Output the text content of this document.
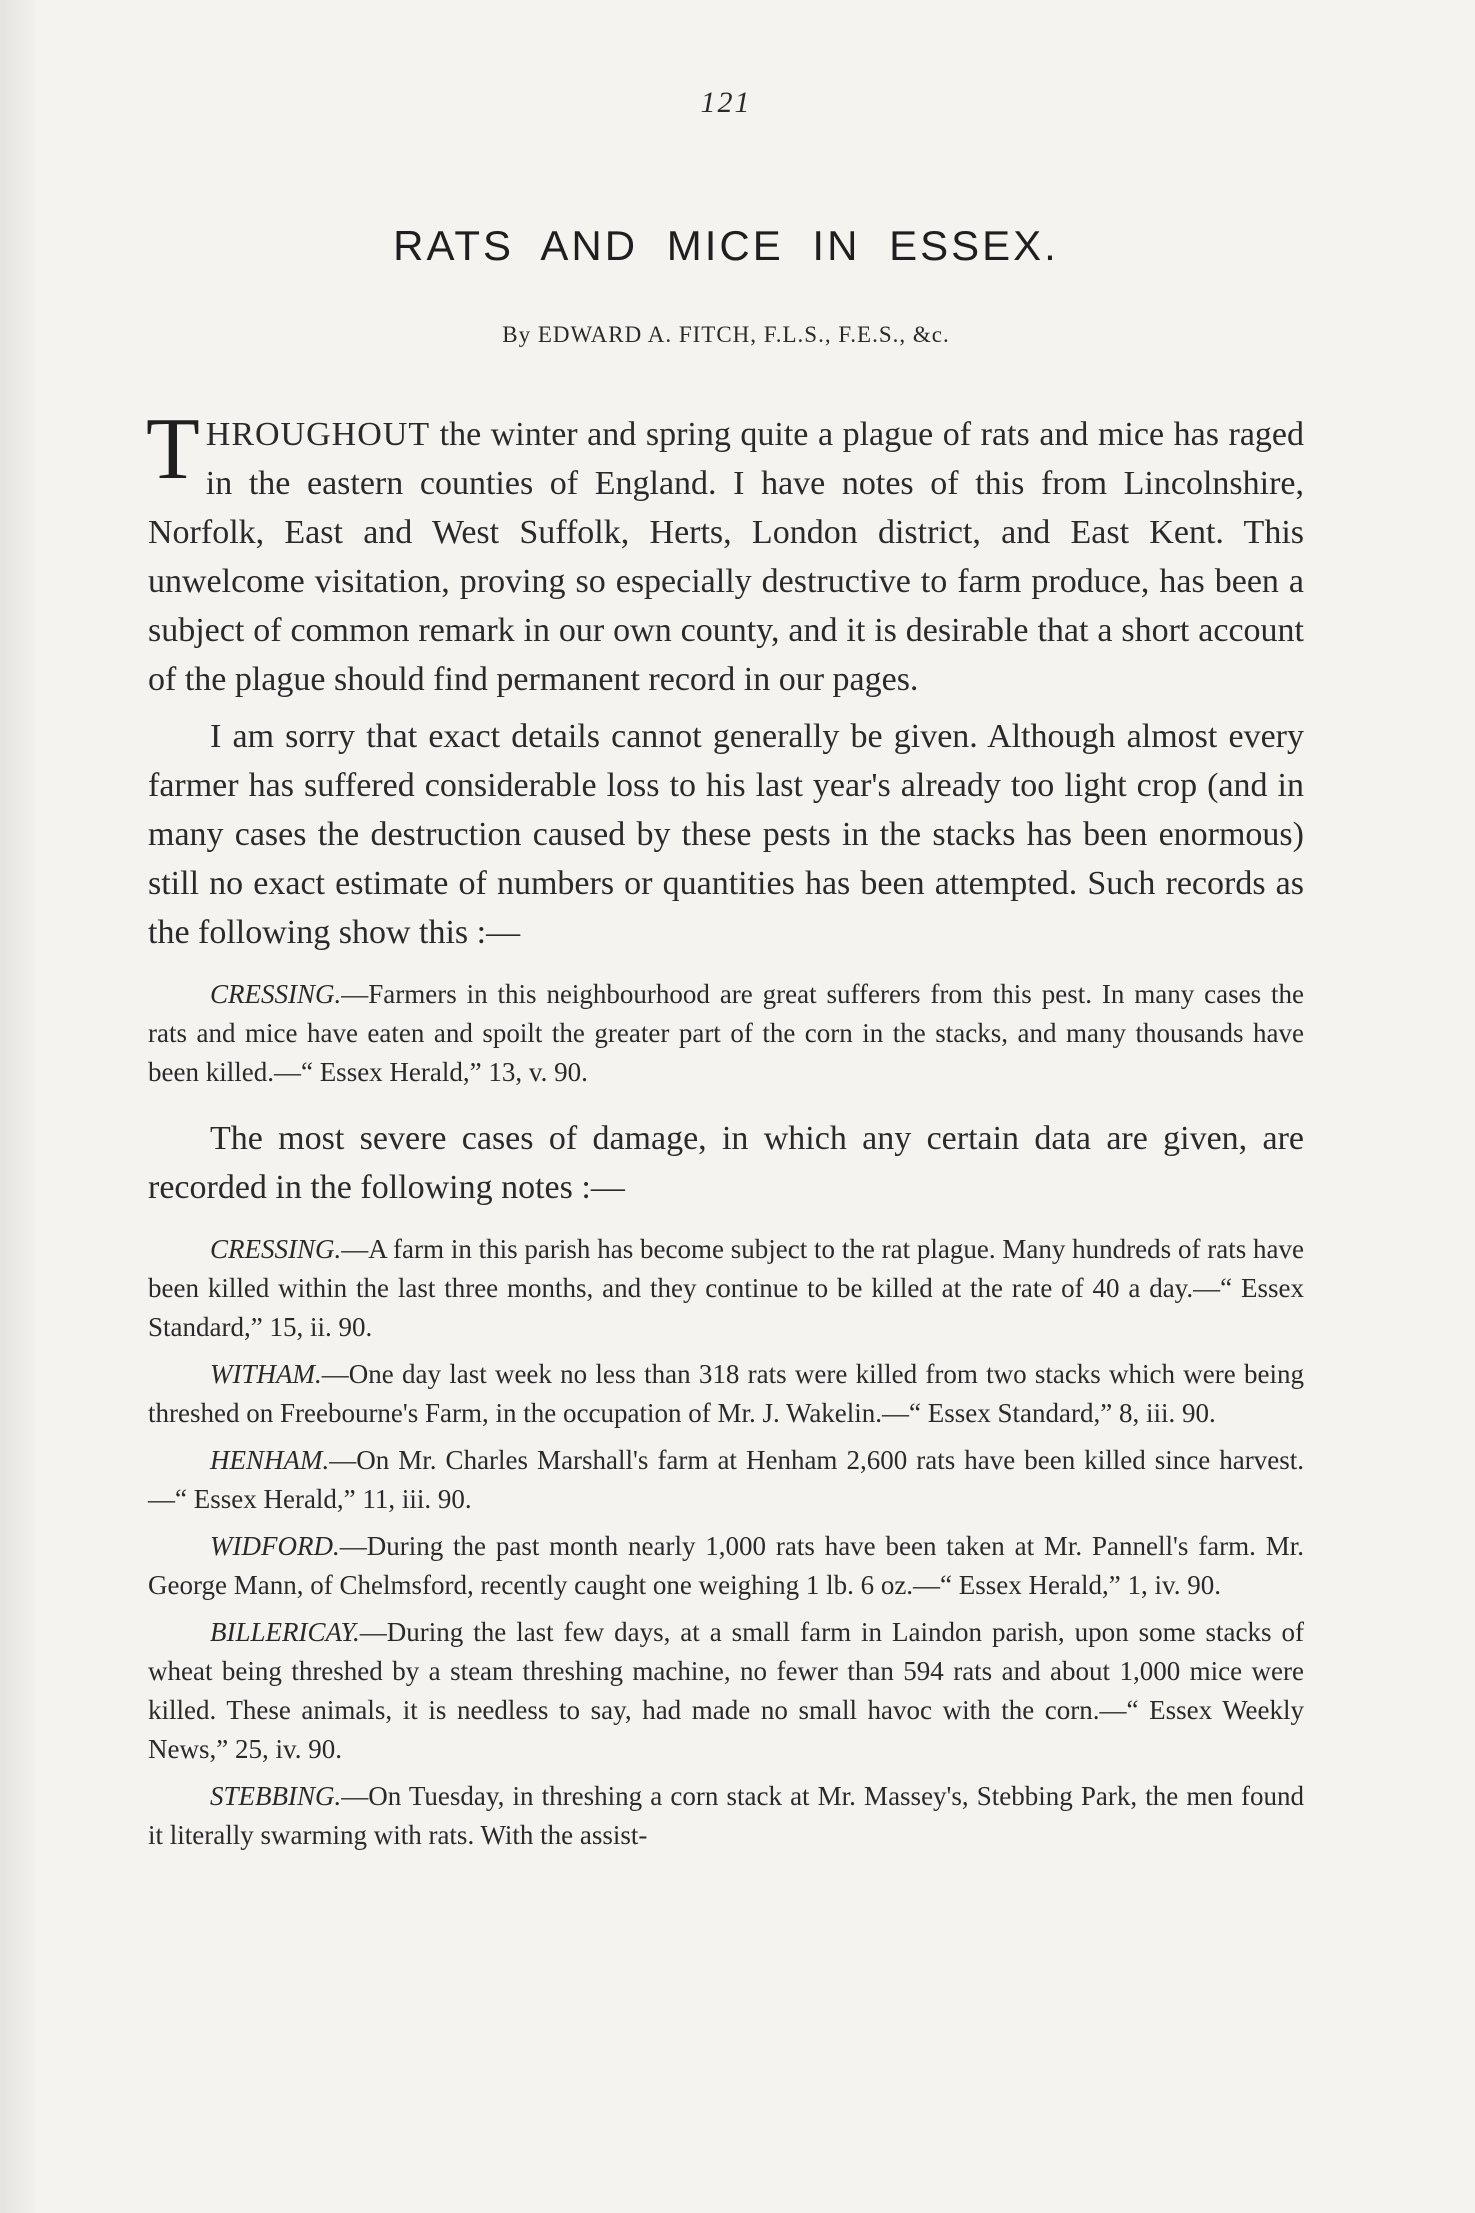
121
RATS AND MICE IN ESSEX.
By EDWARD A. FITCH, F.L.S., F.E.S., &c.

THROUGHOUT the winter and spring quite a plague of rats and mice has raged in the eastern counties of England. I have notes of this from Lincolnshire, Norfolk, East and West Suffolk, Herts, London district, and East Kent. This unwelcome visitation, proving so especially destructive to farm produce, has been a subject of common remark in our own county, and it is desirable that a short account of the plague should find permanent record in our pages.

I am sorry that exact details cannot generally be given. Although almost every farmer has suffered considerable loss to his last year's already too light crop (and in many cases the destruction caused by these pests in the stacks has been enormous) still no exact estimate of numbers or quantities has been attempted. Such records as the following show this :—

CRESSING.—Farmers in this neighbourhood are great sufferers from this pest. In many cases the rats and mice have eaten and spoilt the greater part of the corn in the stacks, and many thousands have been killed.—“ Essex Herald,” 13, v. 90.

The most severe cases of damage, in which any certain data are given, are recorded in the following notes :—

CRESSING.—A farm in this parish has become subject to the rat plague. Many hundreds of rats have been killed within the last three months, and they continue to be killed at the rate of 40 a day.—“ Essex Standard,” 15, ii. 90.

WITHAM.—One day last week no less than 318 rats were killed from two stacks which were being threshed on Freebourne's Farm, in the occupation of Mr. J. Wakelin.—“ Essex Standard,” 8, iii. 90.

HENHAM.—On Mr. Charles Marshall's farm at Henham 2,600 rats have been killed since harvest.—“ Essex Herald,” 11, iii. 90.

WIDFORD.—During the past month nearly 1,000 rats have been taken at Mr. Pannell's farm. Mr. George Mann, of Chelmsford, recently caught one weighing 1 lb. 6 oz.—“ Essex Herald,” 1, iv. 90.

BILLERICAY.—During the last few days, at a small farm in Laindon parish, upon some stacks of wheat being threshed by a steam threshing machine, no fewer than 594 rats and about 1,000 mice were killed. These animals, it is needless to say, had made no small havoc with the corn.—“ Essex Weekly News,” 25, iv. 90.

STEBBING.—On Tuesday, in threshing a corn stack at Mr. Massey's, Stebbing Park, the men found it literally swarming with rats. With the assist-
